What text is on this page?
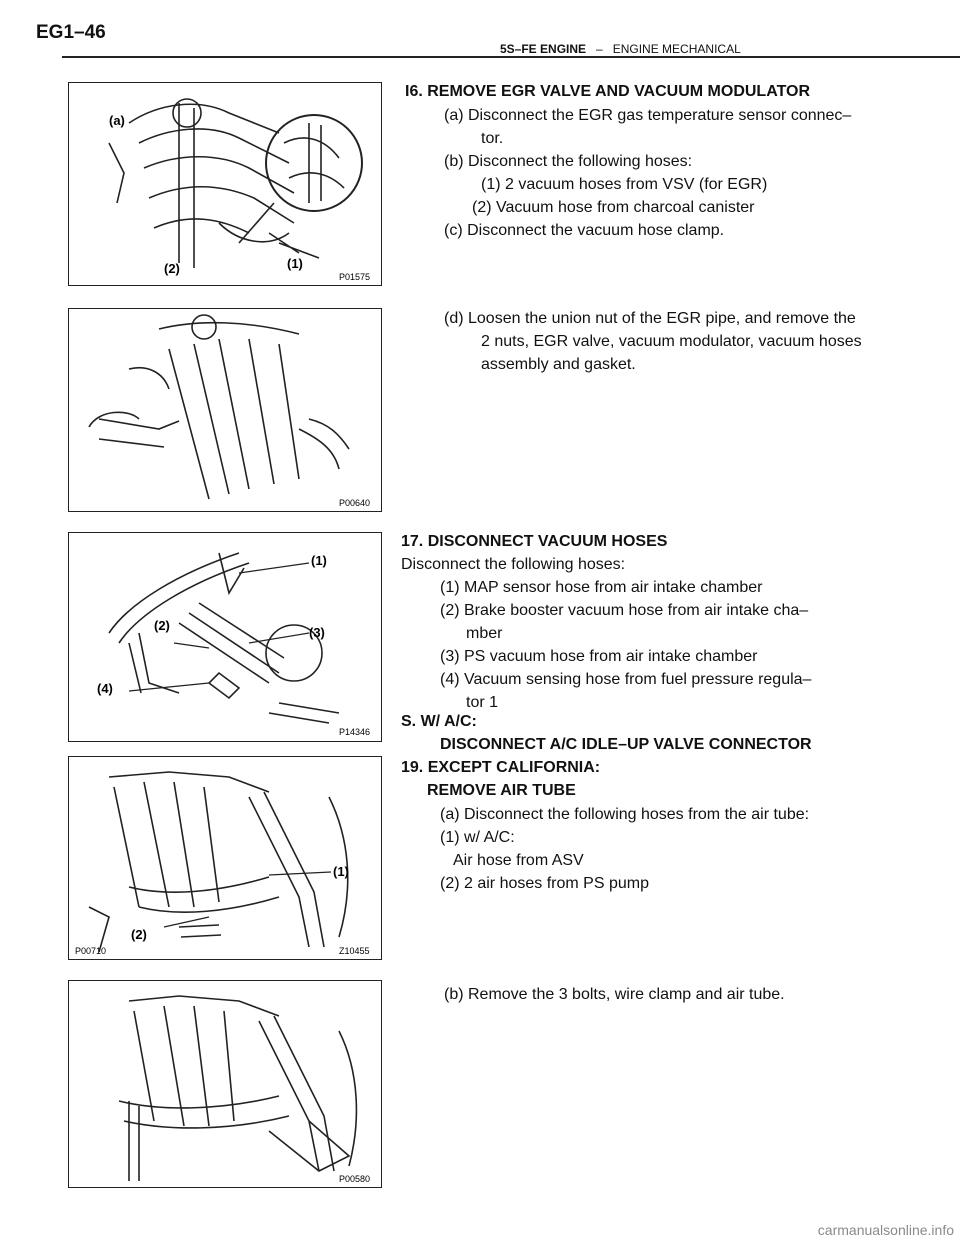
EG1–46
5S–FE ENGINE – ENGINE MECHANICAL
(a)
(2)	(1)
P01575
P00640
(1)
(2)	(3)
(4)
P14346
(1)
(2)
P00710	Z10455
P00580
I6. REMOVE EGR VALVE AND VACUUM MODULATOR
(a) Disconnect the EGR gas temperature sensor connec–
tor.
(b) Disconnect the following hoses:
(1) 2 vacuum hoses from VSV (for EGR)
(2) Vacuum hose from charcoal canister
(c) Disconnect the vacuum hose clamp.
(d) Loosen the union nut of the EGR pipe, and remove the
2 nuts, EGR valve, vacuum modulator, vacuum hoses
assembly and gasket.
17. DISCONNECT VACUUM HOSES
Disconnect the following hoses:
(1) MAP sensor hose from air intake chamber
(2) Brake booster vacuum hose from air intake cha–
mber
(3) PS vacuum hose from air intake chamber
(4) Vacuum sensing hose from fuel pressure regula–
tor 1
S. W/ A/C:
DISCONNECT A/C IDLE–UP VALVE CONNECTOR
19. EXCEPT CALIFORNIA:
REMOVE AIR TUBE
(a) Disconnect the following hoses from the air tube:
(1) w/ A/C:
Air hose from ASV
(2) 2 air hoses from PS pump
(b) Remove the 3 bolts, wire clamp and air tube.
carmanualsonline.info
